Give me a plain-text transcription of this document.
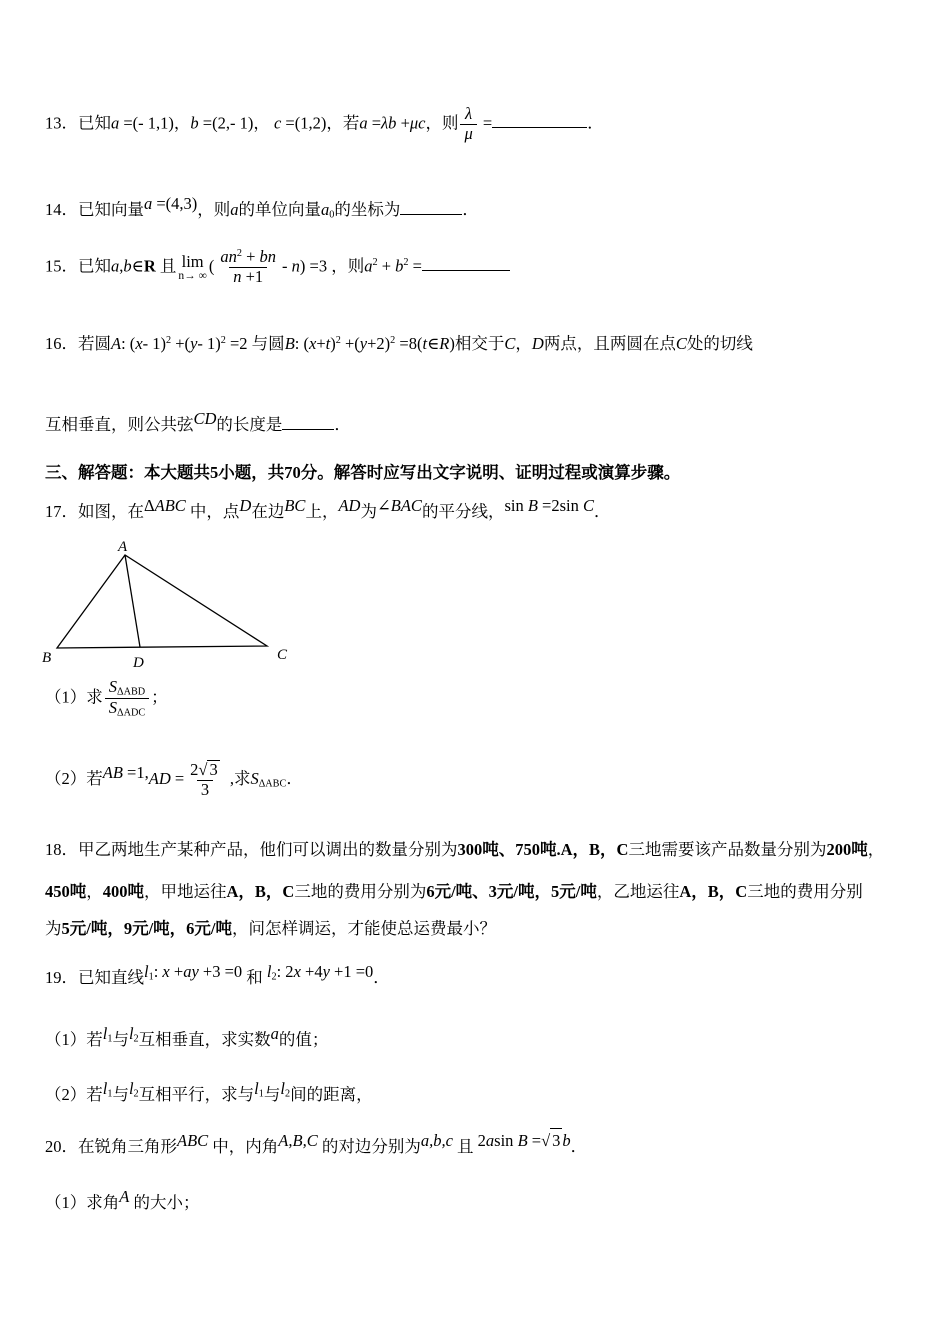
13．已知a =(- 1,1)，b =(2,- 1)， c =(1,2)，若a =λb +μc，则 $\frac{\lambda}{\mu}$ =	．
14．已知向量a =(4,3)，则a的单位向量a0的坐标为	．
15．已知a,b∈R 且 lim
n→ ∞
( $\frac{an^2 + bn}{n +1} - n) =3$ ，则$a^2 + b^2$ =
16．若圆A: (x- 1)$^2$ +(y- 1)$^2$ =2 与圆B: $(x+t)^2 +(y+2)^2$ =8(t∈R)相交于C，D两点，且两圆在点C处的切线
互相垂直，则公共弦CD的长度是	．
三、解答题：本大题共5小题，共70分。解答时应写出文字说明、证明过程或演算步骤。
17．如图，在ΔABC 中，点D在边BC上，AD为∠BAC的平分线，sin B =2sin C．
A
B	C
D
（1）求 $\frac{\text{SΔABD}}{\text{SΔADC}}$ ；
（2）若AB $=1,AD = \frac{2√ 3}{3}$ ,求SΔABC．
18．甲乙两地生产某种产品，他们可以调出的数量分别为300吨、750吨.A，B，C三地需要该产品数量分别为200吨，
450吨，400吨，甲地运往A，B，C三地的费用分别为6元/吨、3元/吨，5元/吨，乙地运往A，B，C三地的费用分别
为5元/吨，9元/吨，6元/吨，问怎样调运，才能使总运费最小？
19．已知直线l1: x +ay +3 =0 和 l2: 2x +4y +1 =0．
（1）若l1与l2互相垂直，求实数a的值；
（2）若l1与l2互相平行，求与l1与l2间的距离，
20．在锐角三角形ABC 中，内角A,B,C 的对边分别为a,b,c 且 2asin B =√ 3 b．
（1）求角A 的大小；
